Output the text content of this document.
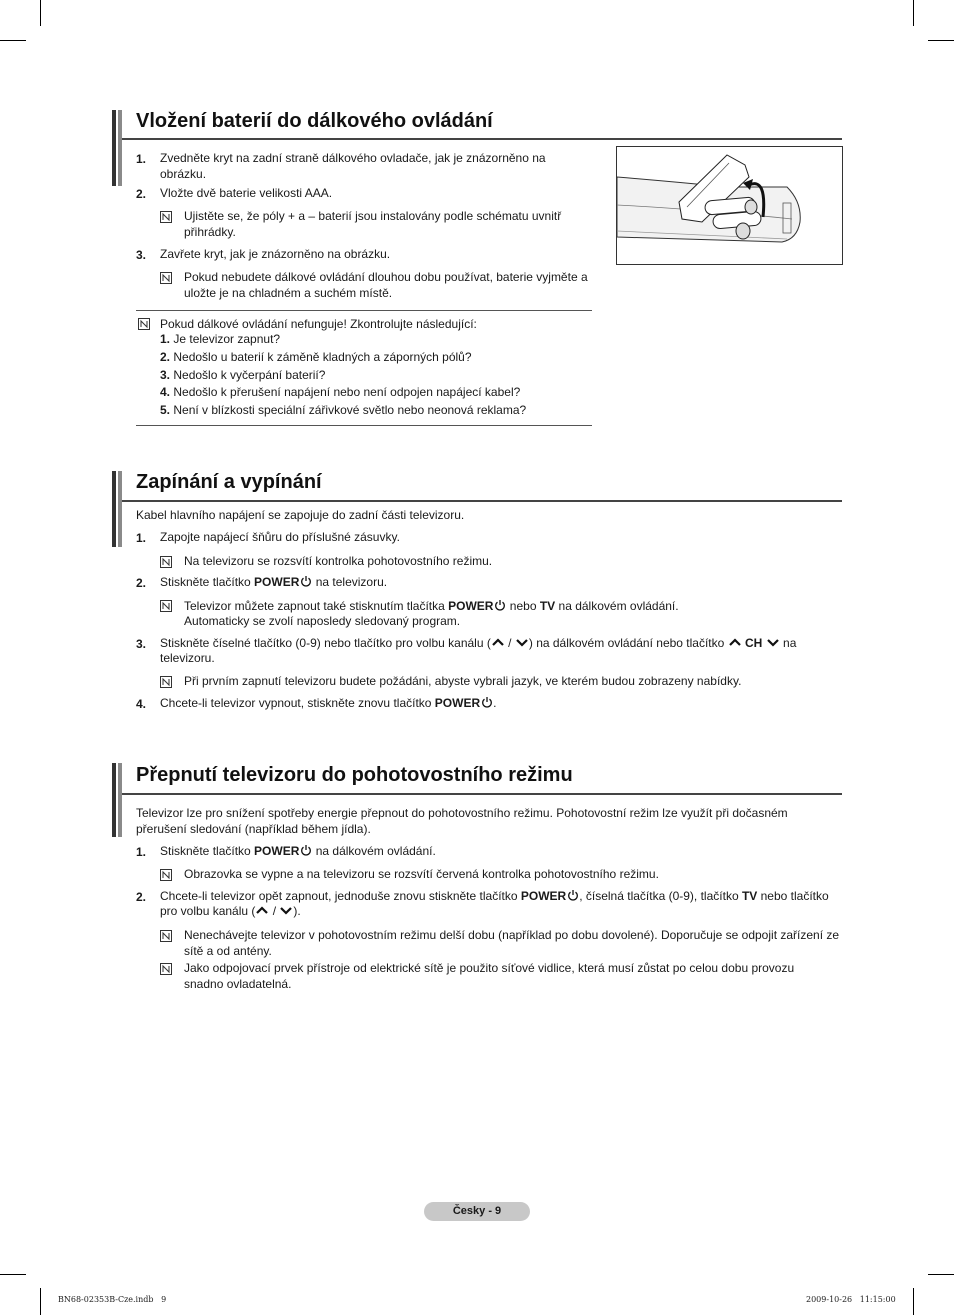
Vložení baterií do dálkového ovládání
1. Zvedněte kryt na zadní straně dálkového ovladače, jak je znázorněno na obrázku.
2. Vložte dvě baterie velikosti AAA.
Ujistěte se, že póly + a – baterií jsou instalovány podle schématu uvnitř přihrádky.
3. Zavřete kryt, jak je znázorněno na obrázku.
Pokud nebudete dálkové ovládání dlouhou dobu používat, baterie vyjměte a uložte je na chladném a suchém místě.
Pokud dálkové ovládání nefunguje! Zkontrolujte následující:
1. Je televizor zapnut?
2. Nedošlo u baterií k záměně kladných a záporných pólů?
3. Nedošlo k vyčerpání baterií?
4. Nedošlo k přerušení napájení nebo není odpojen napájecí kabel?
5. Není v blízkosti speciální zářivkové světlo nebo neonová reklama?
Zapínání a vypínání
Kabel hlavního napájení se zapojuje do zadní části televizoru.
1. Zapojte napájecí šňůru do příslušné zásuvky.
Na televizoru se rozsvítí kontrolka pohotovostního režimu.
2. Stiskněte tlačítko POWER na televizoru.
Televizor můžete zapnout také stisknutím tlačítka POWER nebo TV na dálkovém ovládání.
Automaticky se zvolí naposledy sledovaný program.
3. Stiskněte číselné tlačítko (0-9) nebo tlačítko pro volbu kanálu ( / ) na dálkovém ovládání nebo tlačítko  CH  na
televizoru.
Při prvním zapnutí televizoru budete požádáni, abyste vybrali jazyk, ve kterém budou zobrazeny nabídky.
4. Chcete-li televizor vypnout, stiskněte znovu tlačítko POWER .
Přepnutí televizoru do pohotovostního režimu
Televizor lze pro snížení spotřeby energie přepnout do pohotovostního režimu. Pohotovostní režim lze využít při dočasném přerušení sledování (například během jídla).
1. Stiskněte tlačítko POWER na dálkovém ovládání.
Obrazovka se vypne a na televizoru se rozsvítí červená kontrolka pohotovostního režimu.
2. Chcete-li televizor opět zapnout, jednoduše znovu stiskněte tlačítko POWER , číselná tlačítka (0-9), tlačítko TV nebo tlačítko
pro volbu kanálu ( / ).
Nenechávejte televizor v pohotovostním režimu delší dobu (například po dobu dovolené). Doporučuje se odpojit zařízení ze sítě a od antény.
Jako odpojovací prvek přístroje od elektrické sítě je použito síťové vidlice, která musí zůstat po celou dobu provozu snadno ovladatelná.
Česky - 9
BN68-02353B-Cze.indb   9	2009-10-26   11:15:00
